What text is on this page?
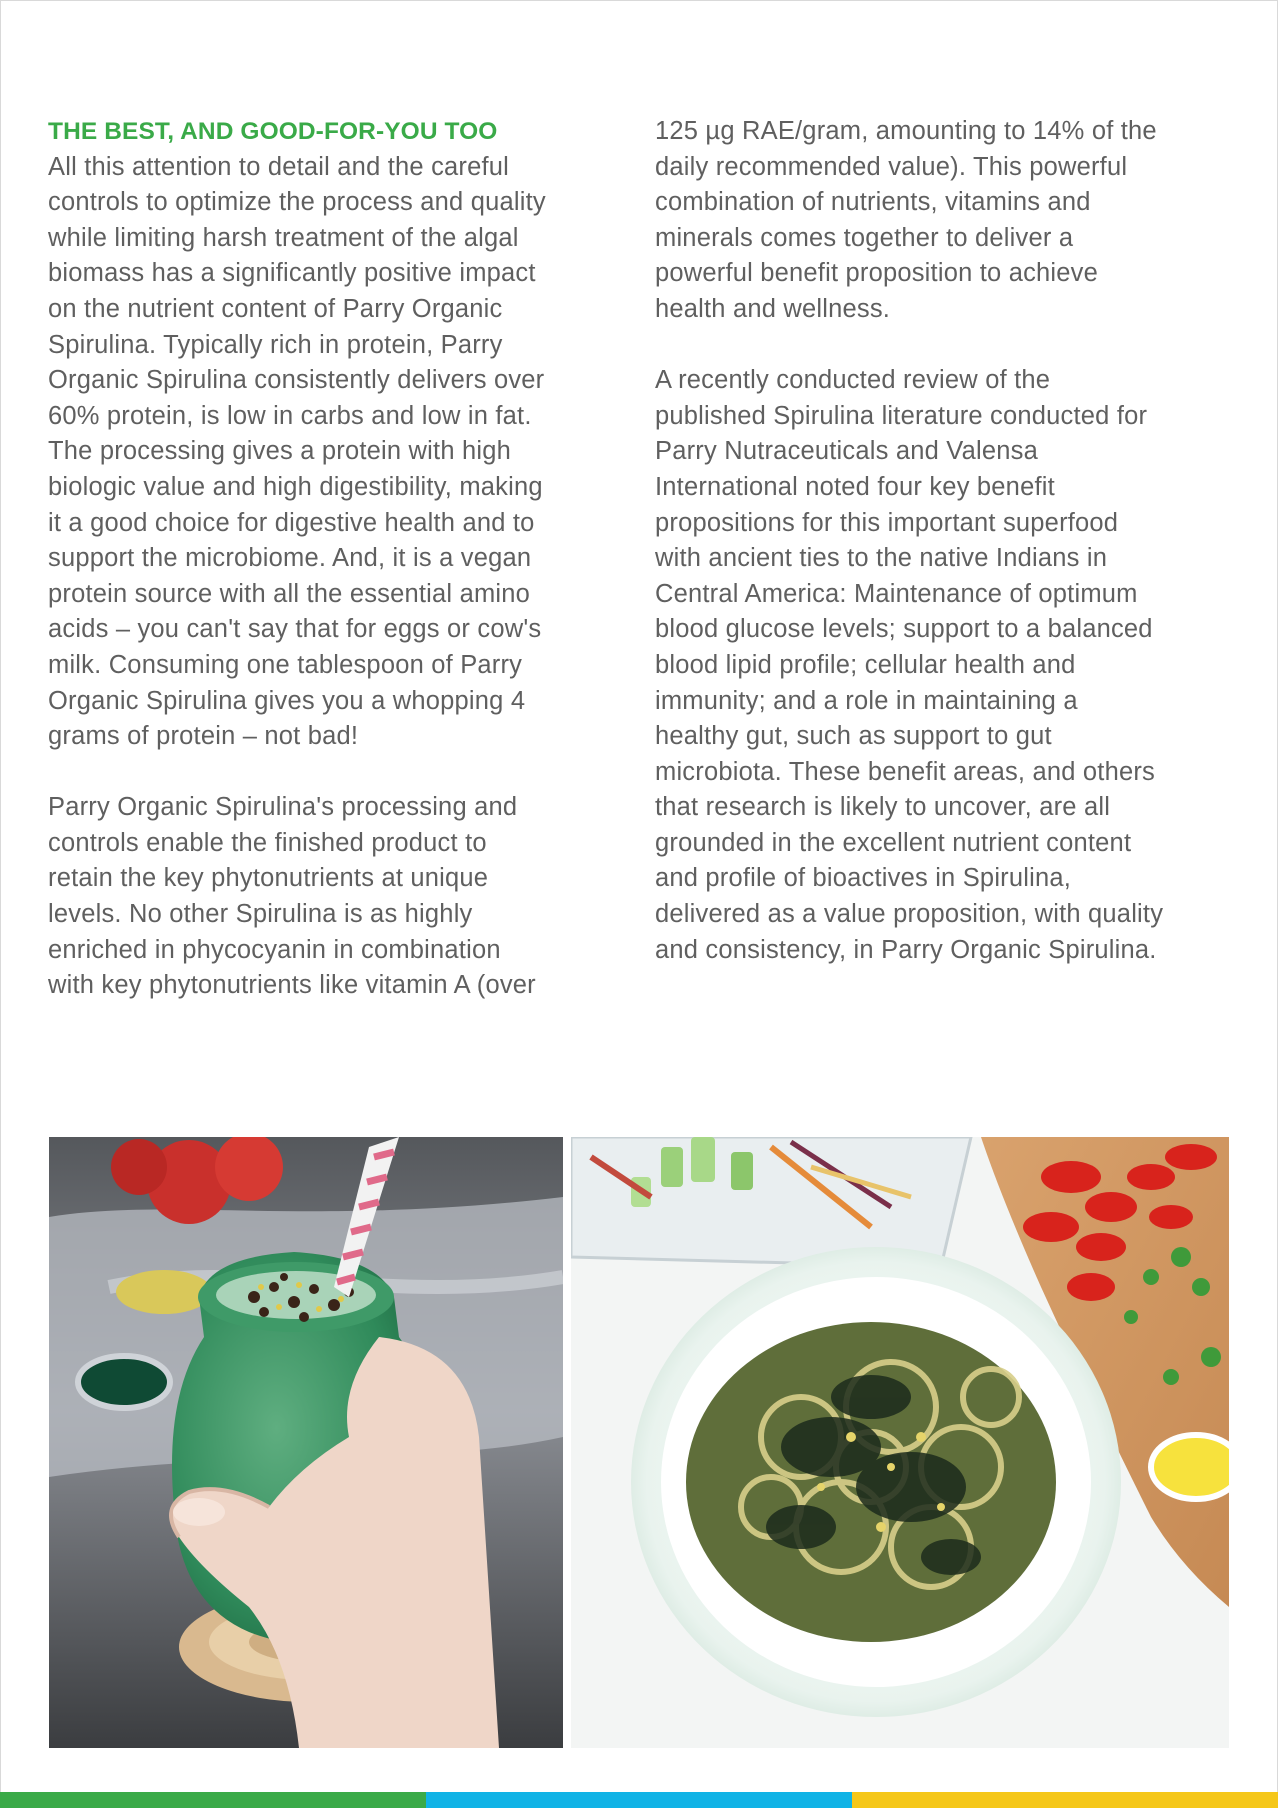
THE BEST, AND GOOD-FOR-YOU TOO
All this attention to detail and the careful
controls to optimize the process and quality
while limiting harsh treatment of the algal
biomass has a significantly positive impact
on the nutrient content of Parry Organic
Spirulina. Typically rich in protein, Parry
Organic Spirulina consistently delivers over
60% protein, is low in carbs and low in fat.
The processing gives a protein with high
biologic value and high digestibility, making
it a good choice for digestive health and to
support the microbiome. And, it is a vegan
protein source with all the essential amino
acids – you can't say that for eggs or cow's
milk. Consuming one tablespoon of Parry
Organic Spirulina gives you a whopping 4
grams of protein – not bad!
Parry Organic Spirulina's processing and
controls enable the finished product to
retain the key phytonutrients at unique
levels. No other Spirulina is as highly
enriched in phycocyanin in combination
with key phytonutrients like vitamin A (over
125 µg RAE/gram, amounting to 14% of the
daily recommended value). This powerful
combination of nutrients, vitamins and
minerals comes together to deliver a
powerful benefit proposition to achieve
health and wellness.
A recently conducted review of the
published Spirulina literature conducted for
Parry Nutraceuticals and Valensa
International noted four key benefit
propositions for this important superfood
with ancient ties to the native Indians in
Central America: Maintenance of optimum
blood glucose levels; support to a balanced
blood lipid profile; cellular health and
immunity; and a role in maintaining a
healthy gut, such as support to gut
microbiota. These benefit areas, and others
that research is likely to uncover, are all
grounded in the excellent nutrient content
and profile of bioactives in Spirulina,
delivered as a value proposition, with quality
and consistency, in Parry Organic Spirulina.
